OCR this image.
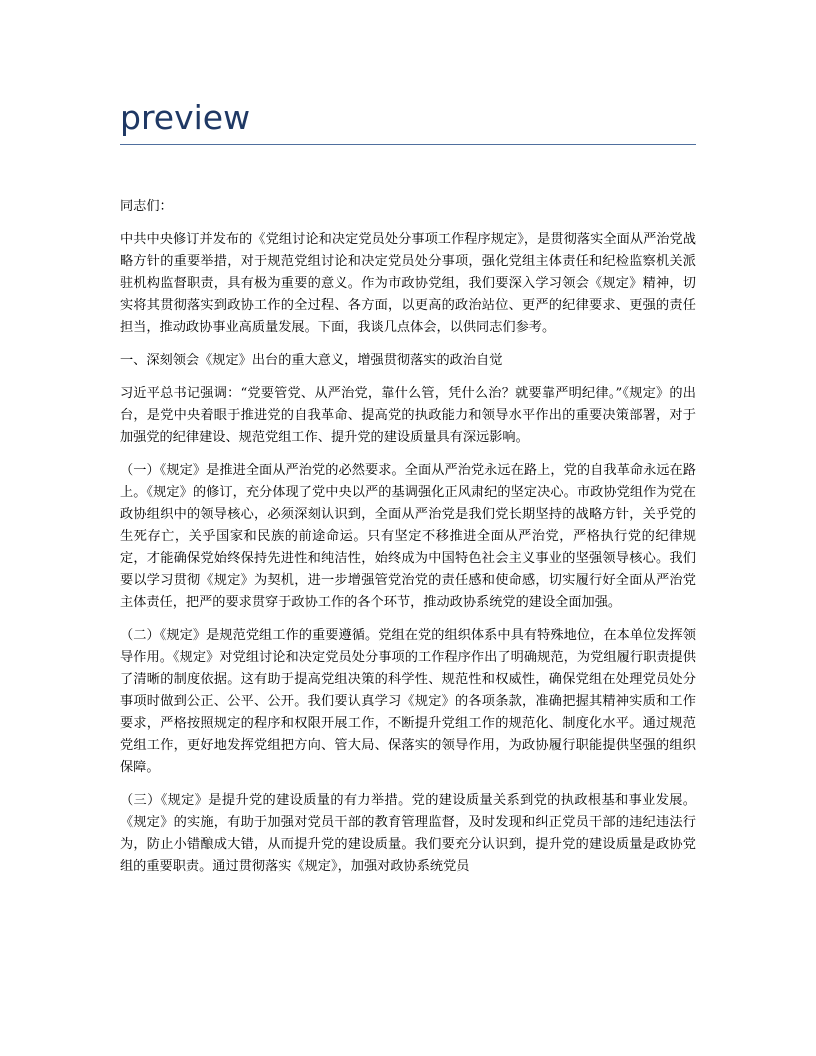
preview

同志们：

中共中央修订并发布的《党组讨论和决定党员处分事项工作程序规定》，是贯彻落实全面从严治党战略方针的重要举措，对于规范党组讨论和决定党员处分事项，强化党组主体责任和纪检监察机关派驻机构监督职责，具有极为重要的意义。作为市政协党组，我们要深入学习领会《规定》精神，切实将其贯彻落实到政协工作的全过程、各方面，以更高的政治站位、更严的纪律要求、更强的责任担当，推动政协事业高质量发展。下面，我谈几点体会，以供同志们参考。

一、深刻领会《规定》出台的重大意义，增强贯彻落实的政治自觉

习近平总书记强调：“党要管党、从严治党，靠什么管，凭什么治？就要靠严明纪律。”《规定》的出台，是党中央着眼于推进党的自我革命、提高党的执政能力和领导水平作出的重要决策部署，对于加强党的纪律建设、规范党组工作、提升党的建设质量具有深远影响。

（一）《规定》是推进全面从严治党的必然要求。全面从严治党永远在路上，党的自我革命永远在路上。《规定》的修订，充分体现了党中央以严的基调强化正风肃纪的坚定决心。市政协党组作为党在政协组织中的领导核心，必须深刻认识到，全面从严治党是我们党长期坚持的战略方针，关乎党的生死存亡，关乎国家和民族的前途命运。只有坚定不移推进全面从严治党，严格执行党的纪律规定，才能确保党始终保持先进性和纯洁性，始终成为中国特色社会主义事业的坚强领导核心。我们要以学习贯彻《规定》为契机，进一步增强管党治党的责任感和使命感，切实履行好全面从严治党主体责任，把严的要求贯穿于政协工作的各个环节，推动政协系统党的建设全面加强。

（二）《规定》是规范党组工作的重要遵循。党组在党的组织体系中具有特殊地位，在本单位发挥领导作用。《规定》对党组讨论和决定党员处分事项的工作程序作出了明确规范，为党组履行职责提供了清晰的制度依据。这有助于提高党组决策的科学性、规范性和权威性，确保党组在处理党员处分事项时做到公正、公平、公开。我们要认真学习《规定》的各项条款，准确把握其精神实质和工作要求，严格按照规定的程序和权限开展工作，不断提升党组工作的规范化、制度化水平。通过规范党组工作，更好地发挥党组把方向、管大局、保落实的领导作用，为政协履行职能提供坚强的组织保障。

（三）《规定》是提升党的建设质量的有力举措。党的建设质量关系到党的执政根基和事业发展。《规定》的实施，有助于加强对党员干部的教育管理监督，及时发现和纠正党员干部的违纪违法行为，防止小错酿成大错，从而提升党的建设质量。我们要充分认识到，提升党的建设质量是政协党组的重要职责。通过贯彻落实《规定》，加强对政协系统党员
